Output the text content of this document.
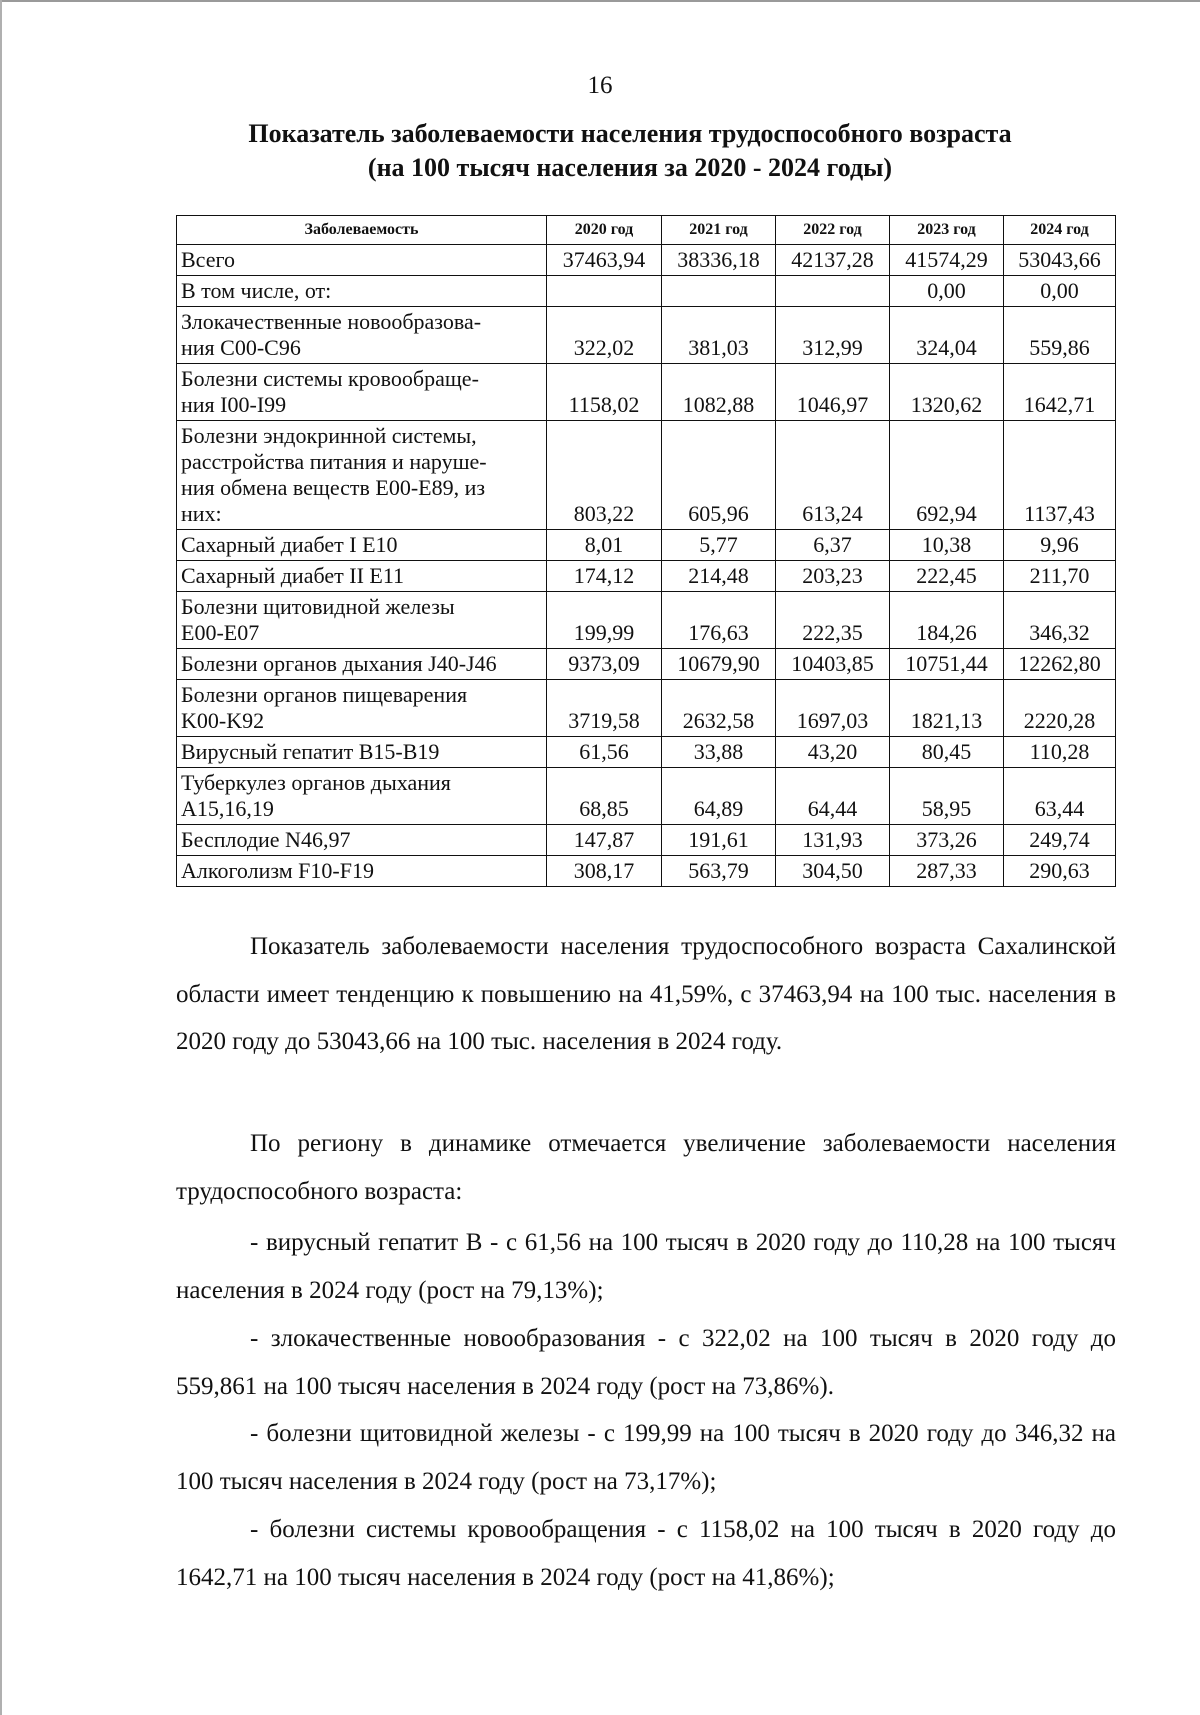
16
Показатель заболеваемости населения трудоспособного возраста
(на 100 тысяч населения за 2020 - 2024 годы)
Заболеваемость	2020 год	2021 год	2022 год	2023 год	2024 год
Всего	37463,94	38336,18	42137,28	41574,29	53043,66
В том числе, от:				0,00	0,00
Злокачественные новообразова-
ния С00-С96	322,02	381,03	312,99	324,04	559,86
Болезни системы кровообраще-
ния I00-I99	1158,02	1082,88	1046,97	1320,62	1642,71
Болезни эндокринной системы,
расстройства питания и наруше-
ния обмена веществ E00-E89, из
них:	803,22	605,96	613,24	692,94	1137,43
Сахарный диабет I E10	8,01	5,77	6,37	10,38	9,96
Сахарный диабет II E11	174,12	214,48	203,23	222,45	211,70
Болезни щитовидной железы
E00-E07	199,99	176,63	222,35	184,26	346,32
Болезни органов дыхания J40-J46	9373,09	10679,90	10403,85	10751,44	12262,80
Болезни органов пищеварения
K00-K92	3719,58	2632,58	1697,03	1821,13	2220,28
Вирусный гепатит B15-B19	61,56	33,88	43,20	80,45	110,28
Туберкулез органов дыхания
A15,16,19	68,85	64,89	64,44	58,95	63,44
Бесплодие N46,97	147,87	191,61	131,93	373,26	249,74
Алкоголизм F10-F19	308,17	563,79	304,50	287,33	290,63

Показатель заболеваемости населения трудоспособного возраста Сахалинской области имеет тенденцию к повышению на 41,59%, с 37463,94 на 100 тыс. населения в 2020 году до 53043,66 на 100 тыс. населения в 2024 году.

По региону в динамике отмечается увеличение заболеваемости населения трудоспособного возраста:

- вирусный гепатит В - с 61,56 на 100 тысяч в 2020 году до 110,28 на 100 тысяч населения в 2024 году (рост на 79,13%);

- злокачественные новообразования - с 322,02 на 100 тысяч в 2020 году до 559,861 на 100 тысяч населения в 2024 году (рост на 73,86%).

- болезни щитовидной железы - с 199,99 на 100 тысяч в 2020 году до 346,32 на 100 тысяч населения в 2024 году (рост на 73,17%);

- болезни системы кровообращения - с 1158,02 на 100 тысяч в 2020 году до 1642,71 на 100 тысяч населения в 2024 году (рост на 41,86%);
